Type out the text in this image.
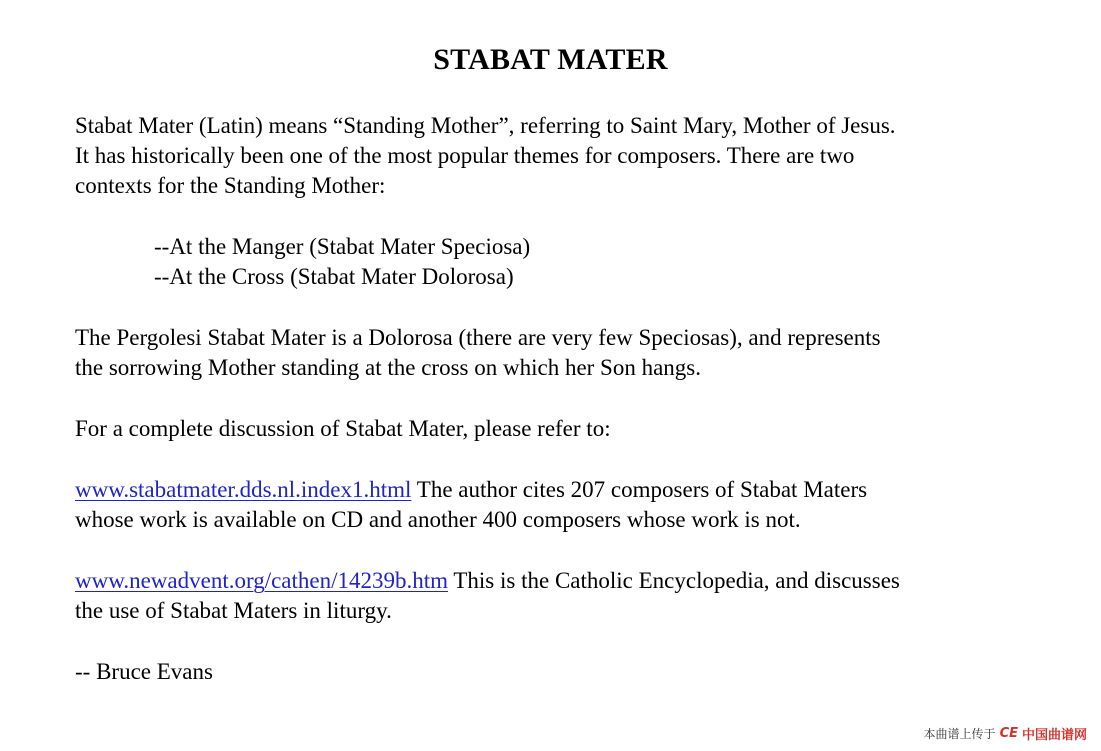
STABAT MATER
Stabat Mater (Latin) means “Standing Mother”, referring to Saint Mary, Mother of Jesus.
It has historically been one of the most popular themes for composers. There are two
contexts for the Standing Mother:
--At the Manger (Stabat Mater Speciosa)
--At the Cross (Stabat Mater Dolorosa)
The Pergolesi Stabat Mater is a Dolorosa (there are very few Speciosas), and represents
the sorrowing Mother standing at the cross on which her Son hangs.
For a complete discussion of Stabat Mater, please refer to:
www.stabatmater.dds.nl.index1.html The author cites 207 composers of Stabat Maters
whose work is available on CD and another 400 composers whose work is not.
www.newadvent.org/cathen/14239b.htm This is the Catholic Encyclopedia, and discusses
the use of Stabat Maters in liturgy.
-- Bruce Evans
本曲谱上传于 CE 中国曲谱网
